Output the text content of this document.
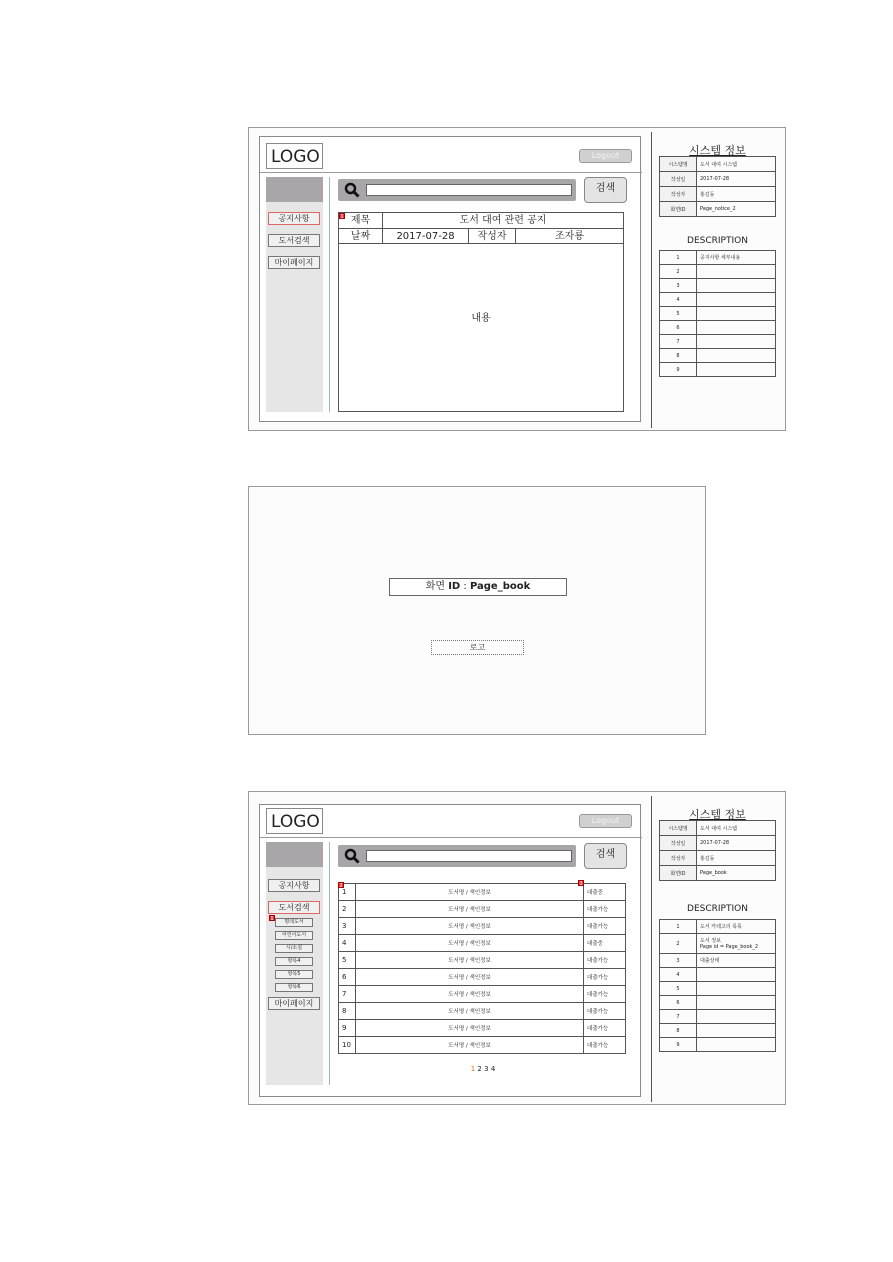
LOGO	Logout
공지사항
도서검색
마이페이지
검색
1 제목	도서 대여 관련 공지
날짜	2017-07-28	작성자	조자룡
내용
시스템 정보
시스템명	도서 대여 시스템
작성일	2017-07-28
작성자	홍길동
화면ID	Page_notice_2
DESCRIPTION
1	공지사항 세부내용
2	
3	
4	
5	
6	
7	
8	
9	
화면 ID : Page_book
로고
LOGO	Logout
공지사항
도서검색
1	평데도서
어린이도서
시/소설
항목4
항목5
항목6
마이페이지
검색
1	도서명 / 색인정보	대출중
2	도서명 / 색인정보	대출가능
3	도서명 / 색인정보	대출가능
4	도서명 / 색인정보	대출중
5	도서명 / 색인정보	대출가능
6	도서명 / 색인정보	대출가능
7	도서명 / 색인정보	대출가능
8	도서명 / 색인정보	대출가능
9	도서명 / 색인정보	대출가능
10	도서명 / 색인정보	대출가능
2	3
1 2 3 4
시스템 정보
시스템명	도서 대여 시스템
작성일	2017-07-28
작성자	홍길동
화면ID	Page_book
DESCRIPTION
1	도서 카테고리 목록
2	도서 정보
Page id = Page_book_2
3	대출상태
4	
5	
6	
7	
8	
9	
